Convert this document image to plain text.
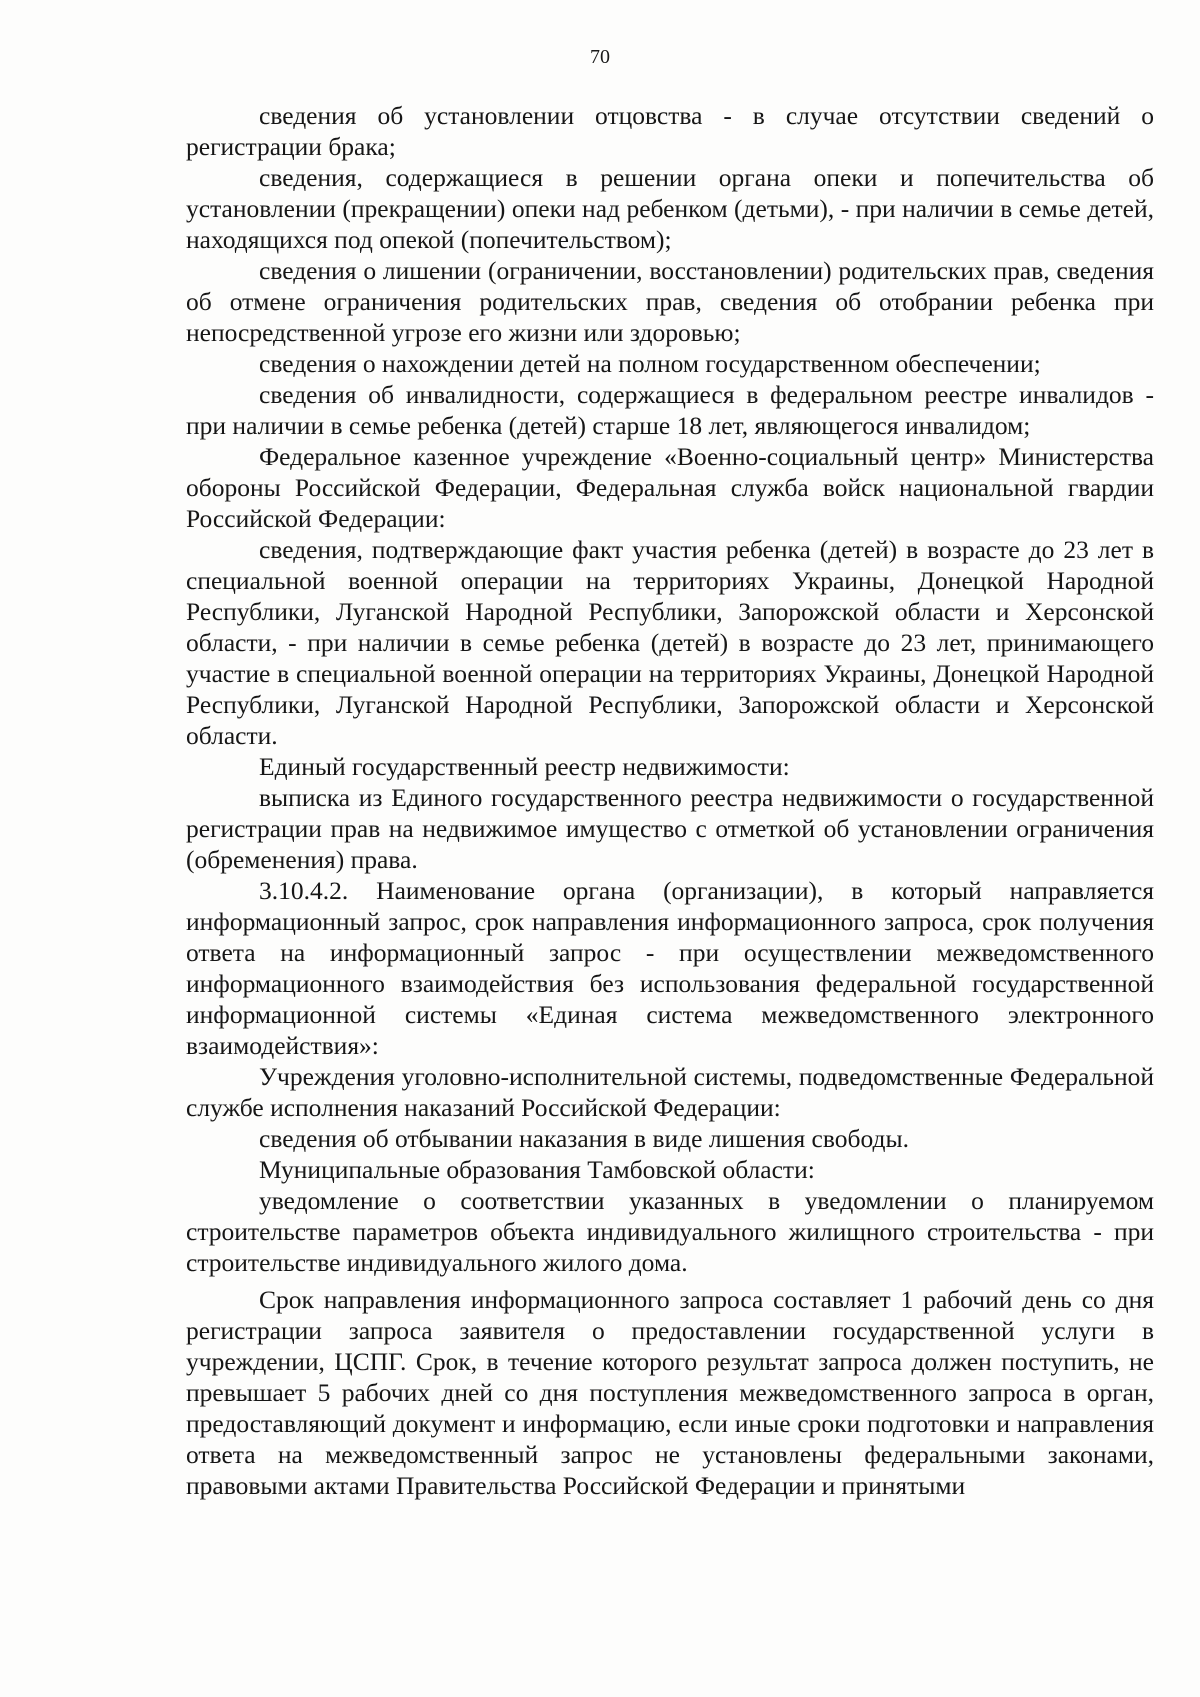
70

сведения об установлении отцовства - в случае отсутствии сведений о регистрации брака;

сведения, содержащиеся в решении органа опеки и попечительства об установлении (прекращении) опеки над ребенком (детьми), - при наличии в семье детей, находящихся под опекой (попечительством);

сведения о лишении (ограничении, восстановлении) родительских прав, сведения об отмене ограничения родительских прав, сведения об отобрании ребенка при непосредственной угрозе его жизни или здоровью;

сведения о нахождении детей на полном государственном обеспечении;

сведения об инвалидности, содержащиеся в федеральном реестре инвалидов - при наличии в семье ребенка (детей) старше 18 лет, являющегося инвалидом;

Федеральное казенное учреждение «Военно-социальный центр» Министерства обороны Российской Федерации, Федеральная служба войск национальной гвардии Российской Федерации:

сведения, подтверждающие факт участия ребенка (детей) в возрасте до 23 лет в специальной военной операции на территориях Украины, Донецкой Народной Республики, Луганской Народной Республики, Запорожской области и Херсонской области, - при наличии в семье ребенка (детей) в возрасте до 23 лет, принимающего участие в специальной военной операции на территориях Украины, Донецкой Народной Республики, Луганской Народной Республики, Запорожской области и Херсонской области.

Единый государственный реестр недвижимости:

выписка из Единого государственного реестра недвижимости о государственной регистрации прав на недвижимое имущество с отметкой об установлении ограничения (обременения) права.

3.10.4.2. Наименование органа (организации), в который направляется информационный запрос, срок направления информационного запроса, срок получения ответа на информационный запрос - при осуществлении межведомственного информационного взаимодействия без использования федеральной государственной информационной системы «Единая система межведомственного электронного взаимодействия»:

Учреждения уголовно-исполнительной системы, подведомственные Федеральной службе исполнения наказаний Российской Федерации:

сведения об отбывании наказания в виде лишения свободы.

Муниципальные образования Тамбовской области:

уведомление о соответствии указанных в уведомлении о планируемом строительстве параметров объекта индивидуального жилищного строительства - при строительстве индивидуального жилого дома.

Срок направления информационного запроса составляет 1 рабочий день со дня регистрации запроса заявителя о предоставлении государственной услуги в учреждении, ЦСПГ. Срок, в течение которого результат запроса должен поступить, не превышает 5 рабочих дней со дня поступления межведомственного запроса в орган, предоставляющий документ и информацию, если иные сроки подготовки и направления ответа на межведомственный запрос не установлены федеральными законами, правовыми актами Правительства Российской Федерации и принятыми
